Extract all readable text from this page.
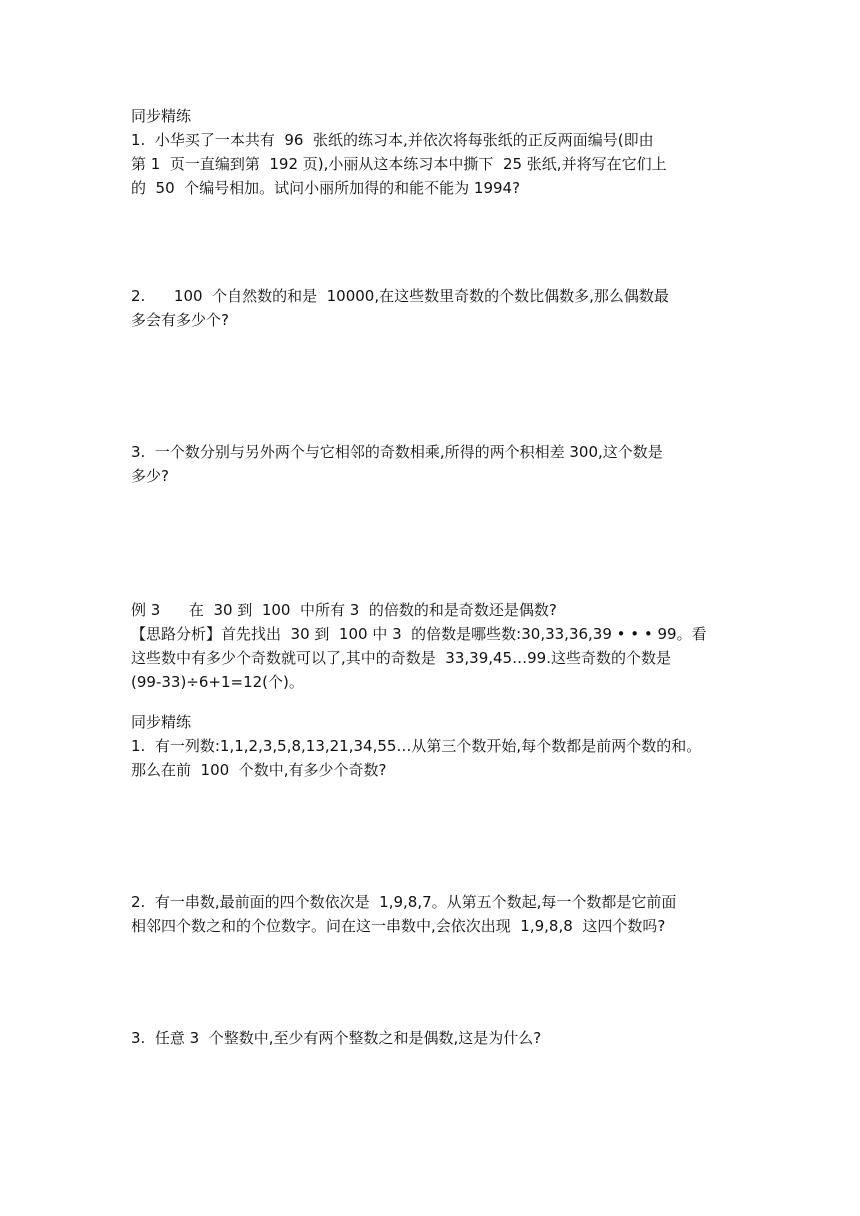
同步精练

1.  小华买了一本共有  96  张纸的练习本,并依次将每张纸的正反两面编号(即由

第 1  页一直编到第  192 页),小丽从这本练习本中撕下  25 张纸,并将写在它们上

的  50  个编号相加。试问小丽所加得的和能不能为 1994?

2.      100  个自然数的和是  10000,在这些数里奇数的个数比偶数多,那么偶数最

多会有多少个?

3.  一个数分别与另外两个与它相邻的奇数相乘,所得的两个积相差 300,这个数是

多少?

例 3      在  30 到  100  中所有 3  的倍数的和是奇数还是偶数?

【思路分析】首先找出  30 到  100 中 3  的倍数是哪些数:30,33,36,39 • • • 99。看

这些数中有多少个奇数就可以了,其中的奇数是  33,39,45…99.这些奇数的个数是

(99-33)÷6+1=12(个)。

同步精练

1.  有一列数:1,1,2,3,5,8,13,21,34,55…从第三个数开始,每个数都是前两个数的和。

那么在前  100  个数中,有多少个奇数?

2.  有一串数,最前面的四个数依次是  1,9,8,7。从第五个数起,每一个数都是它前面

相邻四个数之和的个位数字。问在这一串数中,会依次出现  1,9,8,8  这四个数吗?

3.  任意 3  个整数中,至少有两个整数之和是偶数,这是为什么?
